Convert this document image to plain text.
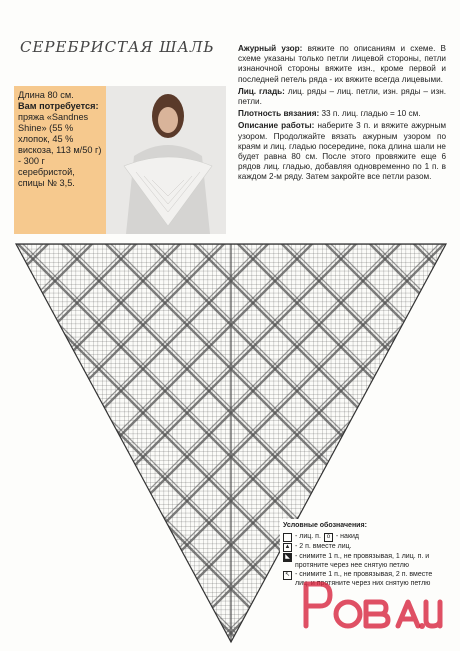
СЕРЕБРИСТАЯ ШАЛЬ
Длина 80 см.
Вам потребуется:
пряжа «Sandnes Shine» (55 % хлопок, 45 % вискоза, 113 м/50 г) - 300 г серебристой, спицы № 3,5.

Ажурный узор: вяжите по описаниям и схеме. В схеме указаны только петли лицевой стороны, петли изнаночной стороны вяжите изн., кроме первой и последней петель ряда - их вяжите всегда лицевыми.

Лиц. гладь: лиц. ряды – лиц. петли, изн. ряды – изн. петли.

Плотность вязания: 33 п. лиц. гладью = 10 см.

Описание работы: наберите 3 п. и вяжите ажурным узором. Продолжайте вязать ажурным узором по краям и лиц. гладью посередине, пока длина шали не будет равна 80 см. После этого провяжите еще 6 рядов лиц. гладью, добавляя одновременно по 1 п. в каждом 2-м ряду. Затем закройте все петли разом.

Условные обозначения:
- лиц. п. o - накид
▲ - 2 п. вместе лиц.
◣ - снимите 1 п., не провязывая, 1 лиц. п. и протяните через нее снятую петлю
↖ - снимите 1 п., не провязывая, 2 п. вместе лиц. и протяните через них снятую петлю
